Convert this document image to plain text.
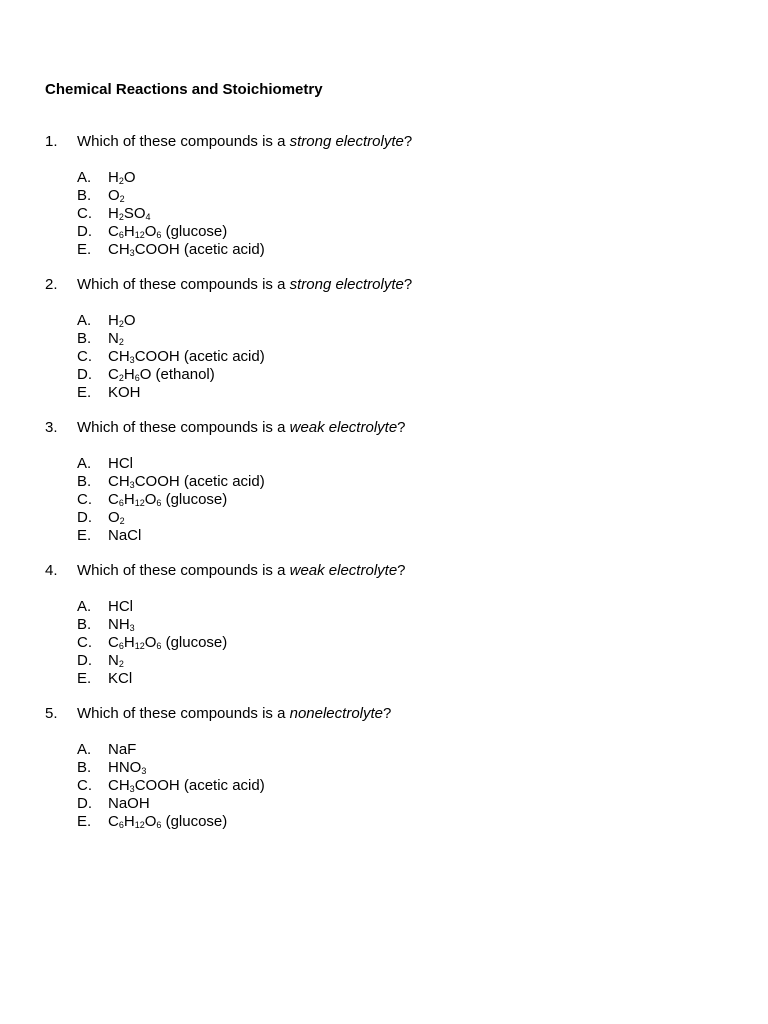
Chemical Reactions and Stoichiometry
1.	Which of these compounds is a strong electrolyte?
A.	$H_2O$
B.	$O_2$
C.	$H_2SO_4$
D.	$C_6H_{12}O_6$ (glucose)
E.	$CH_3COOH$ (acetic acid)
2.	Which of these compounds is a strong electrolyte?
A.	$H_2O$
B.	$N_2$
C.	$CH_3COOH$ (acetic acid)
D.	$C_2H_6O$ (ethanol)
E.	KOH
3.	Which of these compounds is a weak electrolyte?
A.	HCl
B.	$CH_3COOH$ (acetic acid)
C.	$C_6H_{12}O_6$ (glucose)
D.	$O_2$
E.	NaCl
4.	Which of these compounds is a weak electrolyte?
A.	HCl
B.	$NH_3$
C.	$C_6H_{12}O_6$ (glucose)
D.	$N_2$
E.	KCl
5.	Which of these compounds is a nonelectrolyte?
A.	NaF
B.	$HNO_3$
C.	$CH_3COOH$ (acetic acid)
D.	NaOH
E.	$C_6H_{12}O_6$ (glucose)
